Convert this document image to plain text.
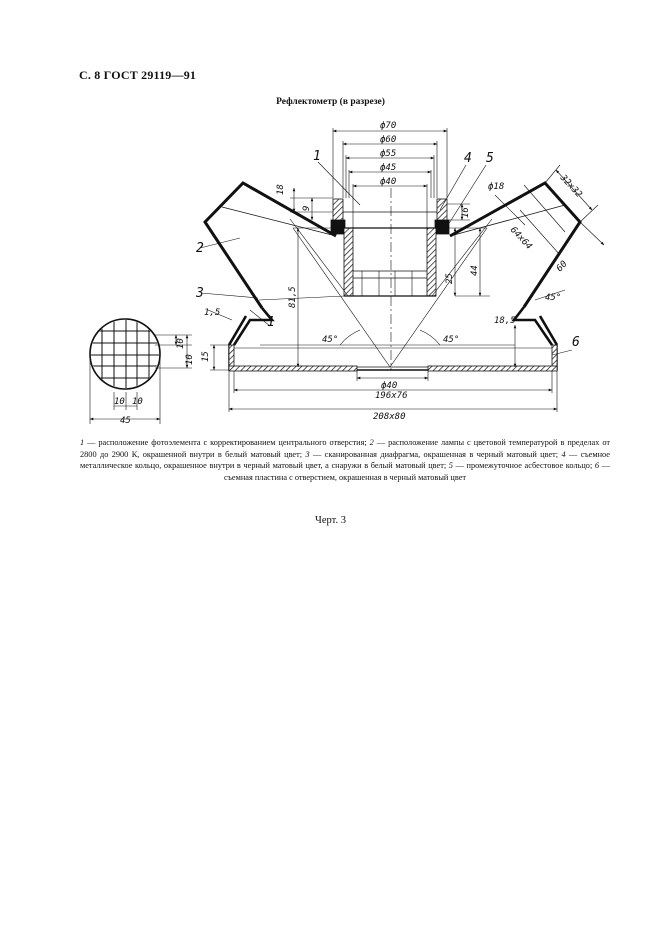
С. 8 ГОСТ 29119—91
Рефлектометр (в разрезе)
1
2
3
4 5
6
1
ф70
ф60
ф55
ф45
ф40	ф18
ф40
18
9	16
25
44
81,5
15
18,5
1,5
32х32
64х64
60
45°	45°
45°
196х76
208х80
10
10
10 10
45
1 — расположение фотоэлемента с корректированием центрального отверстия; 2 — расположение лампы с цветовой температурой в пределах от 2800 до 2900 К, окрашенной внутри в белый матовый цвет; 3 — сканированная диафрагма, окрашенная в черный матовый цвет; 4 — съемное металлическое кольцо, окрашенное внутри в черный матовый цвет, а снаружи в белый матовый цвет; 5 — промежуточное асбестовое кольцо; 6 — съемная пластина с отверстием, окрашенная в черный матовый цвет
Черт. 3
